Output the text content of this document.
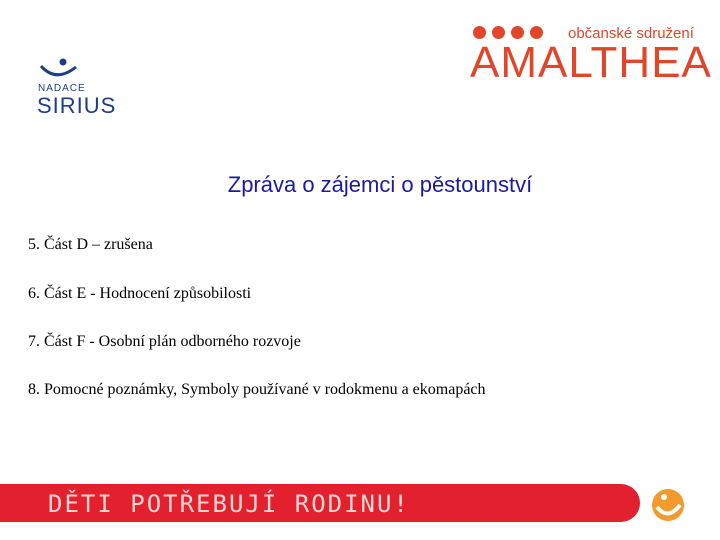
NADACE
SIRIUS
občanské sdružení
AMALTHEA
Zpráva o zájemci o pěstounství
5. Část D – zrušena
6. Část E - Hodnocení způsobilosti
7. Část F - Osobní plán odborného rozvoje
8. Pomocné poznámky, Symboly používané v rodokmenu a ekomapách
DĚTI POTŘEBUJÍ RODINU!
